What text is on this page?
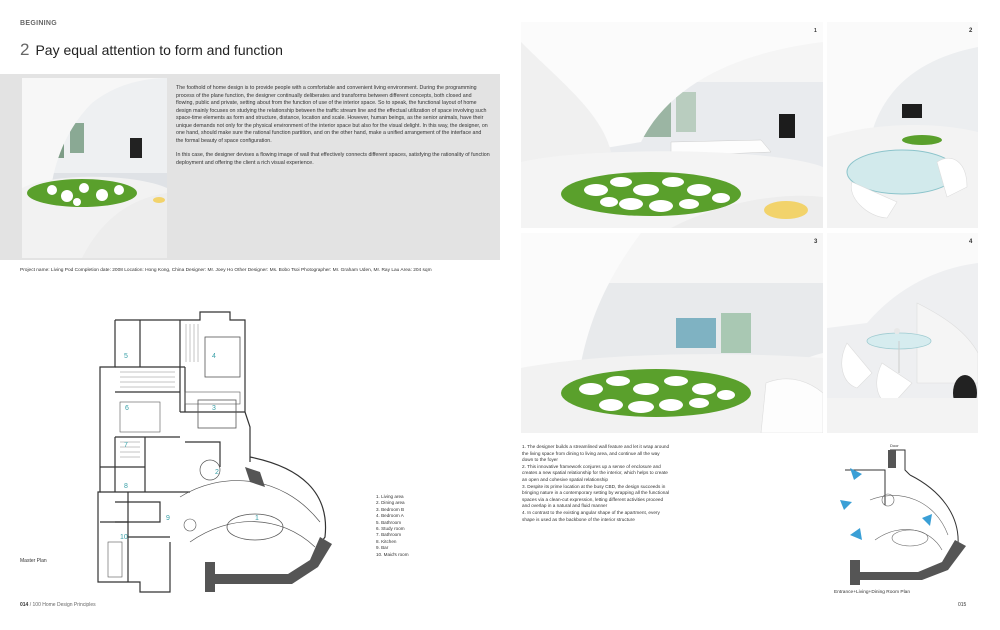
BEGINING
2 Pay equal attention to form and function

The foothold of home design is to provide people with a comfortable and convenient living environment. During the programming process of the plane function, the designer continually deliberates and transforms between different concepts, both closed and flowing, public and private, setting about from the function of use of the interior space. So to speak, the functional layout of home design mainly focuses on studying the relationship between the traffic stream line and the effectual utilization of space involving such space-time elements as form and structure, distance, location and scale. However, human beings, as the senior animals, have their unique demands not only for the physical environment of the interior space but also for the visual delight. In this way, the designer, on one hand, should make sure the rational function partition, and on the other hand, make a unified arrangement of the interface and the formal beauty of space configuration.

In this case, the designer devises a flowing image of wall that effectively connects different spaces, satisfying the rationality of function deployment and offering the client a rich visual experience.

Project name: Living Pod Completion date: 2008 Location: Hong Kong, China Designer: Mr. Joey Ho Other Designer: Ms. Bobo Tsoi Photographer: Mr. Graham Uden, Mr. Ray Lau Area: 204 sqm
1
2
3
4
5
6
7
8
9
10
1. Living area
2. Dining area
3. Bedroom B
4. Bedroom A
5. Bathroom
6. Study room
7. Bathroom
8. Kitchen
9. Bar
10. Maid's room
Master Plan
014 / 100 Home Design Principles
1	2
3	4

1. The designer builds a streamlined wall feature and let it wrap around the living space from dining to living area, and continue all the way down to the foyer

2. This innovative framework conjures up a sense of enclosure and creates a new spatial relationship for the interior, which helps to create an open and cohesive spatial relationship

3. Despite its prime location at the busy CBD, the design succeeds in bringing nature in a contemporary setting by wrapping all the functional spaces via a clean-cut expression, letting different activities proceed and overlap in a natural and fluid manner

4. In contrast to the existing angular shape of the apartment, every shape is used as the backbone of the interior structure

Door
Entrance+Living+Dining Room Plan
015
